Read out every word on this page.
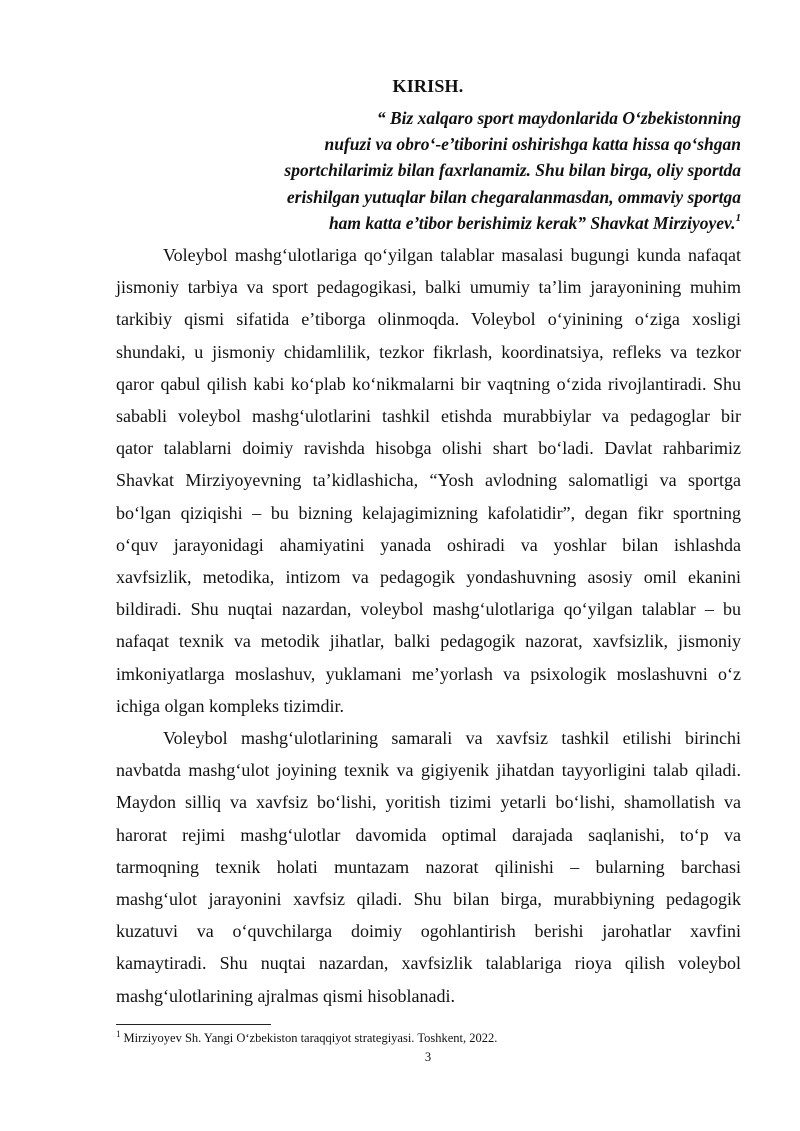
KIRISH.
“ Biz xalqaro sport maydonlarida O‘zbekistonning
nufuzi va obro‘-e’tiborini oshirishga katta hissa qo‘shgan
sportchilarimiz bilan faxrlanamiz. Shu bilan birga, oliy sportda
erishilgan yutuqlar bilan chegaralanmasdan, ommaviy sportga
ham katta e’tibor berishimiz kerak” Shavkat Mirziyoyev.$^1$
Voleybol mashg‘ulotlariga qo‘yilgan talablar masalasi bugungi kunda nafaqat
jismoniy tarbiya va sport pedagogikasi, balki umumiy ta’lim jarayonining muhim
tarkibiy qismi sifatida e’tiborga olinmoqda. Voleybol o‘yinining o‘ziga xosligi
shundaki, u jismoniy chidamlilik, tezkor fikrlash, koordinatsiya, refleks va tezkor
qaror qabul qilish kabi ko‘plab ko‘nikmalarni bir vaqtning o‘zida rivojlantiradi. Shu
sababli voleybol mashg‘ulotlarini tashkil etishda murabbiylar va pedagoglar bir
qator talablarni doimiy ravishda hisobga olishi shart bo‘ladi. Davlat rahbarimiz
Shavkat Mirziyoyevning ta’kidlashicha, “Yosh avlodning salomatligi va sportga
bo‘lgan qiziqishi – bu bizning kelajagimizning kafolatidir”, degan fikr sportning
o‘quv jarayonidagi ahamiyatini yanada oshiradi va yoshlar bilan ishlashda
xavfsizlik, metodika, intizom va pedagogik yondashuvning asosiy omil ekanini
bildiradi. Shu nuqtai nazardan, voleybol mashg‘ulotlariga qo‘yilgan talablar – bu
nafaqat texnik va metodik jihatlar, balki pedagogik nazorat, xavfsizlik, jismoniy
imkoniyatlarga moslashuv, yuklamani me’yorlash va psixologik moslashuvni o‘z
ichiga olgan kompleks tizimdir.
Voleybol mashg‘ulotlarining samarali va xavfsiz tashkil etilishi birinchi
navbatda mashg‘ulot joyining texnik va gigiyenik jihatdan tayyorligini talab qiladi.
Maydon silliq va xavfsiz bo‘lishi, yoritish tizimi yetarli bo‘lishi, shamollatish va
harorat rejimi mashg‘ulotlar davomida optimal darajada saqlanishi, to‘p va
tarmoqning texnik holati muntazam nazorat qilinishi – bularning barchasi
mashg‘ulot jarayonini xavfsiz qiladi. Shu bilan birga, murabbiyning pedagogik
kuzatuvi va o‘quvchilarga doimiy ogohlantirish berishi jarohatlar xavfini
kamaytiradi. Shu nuqtai nazardan, xavfsizlik talablariga rioya qilish voleybol
mashg‘ulotlarining ajralmas qismi hisoblanadi.
$^1$ Mirziyoyev Sh. Yangi O‘zbekiston taraqqiyot strategiyasi. Toshkent, 2022.
3
